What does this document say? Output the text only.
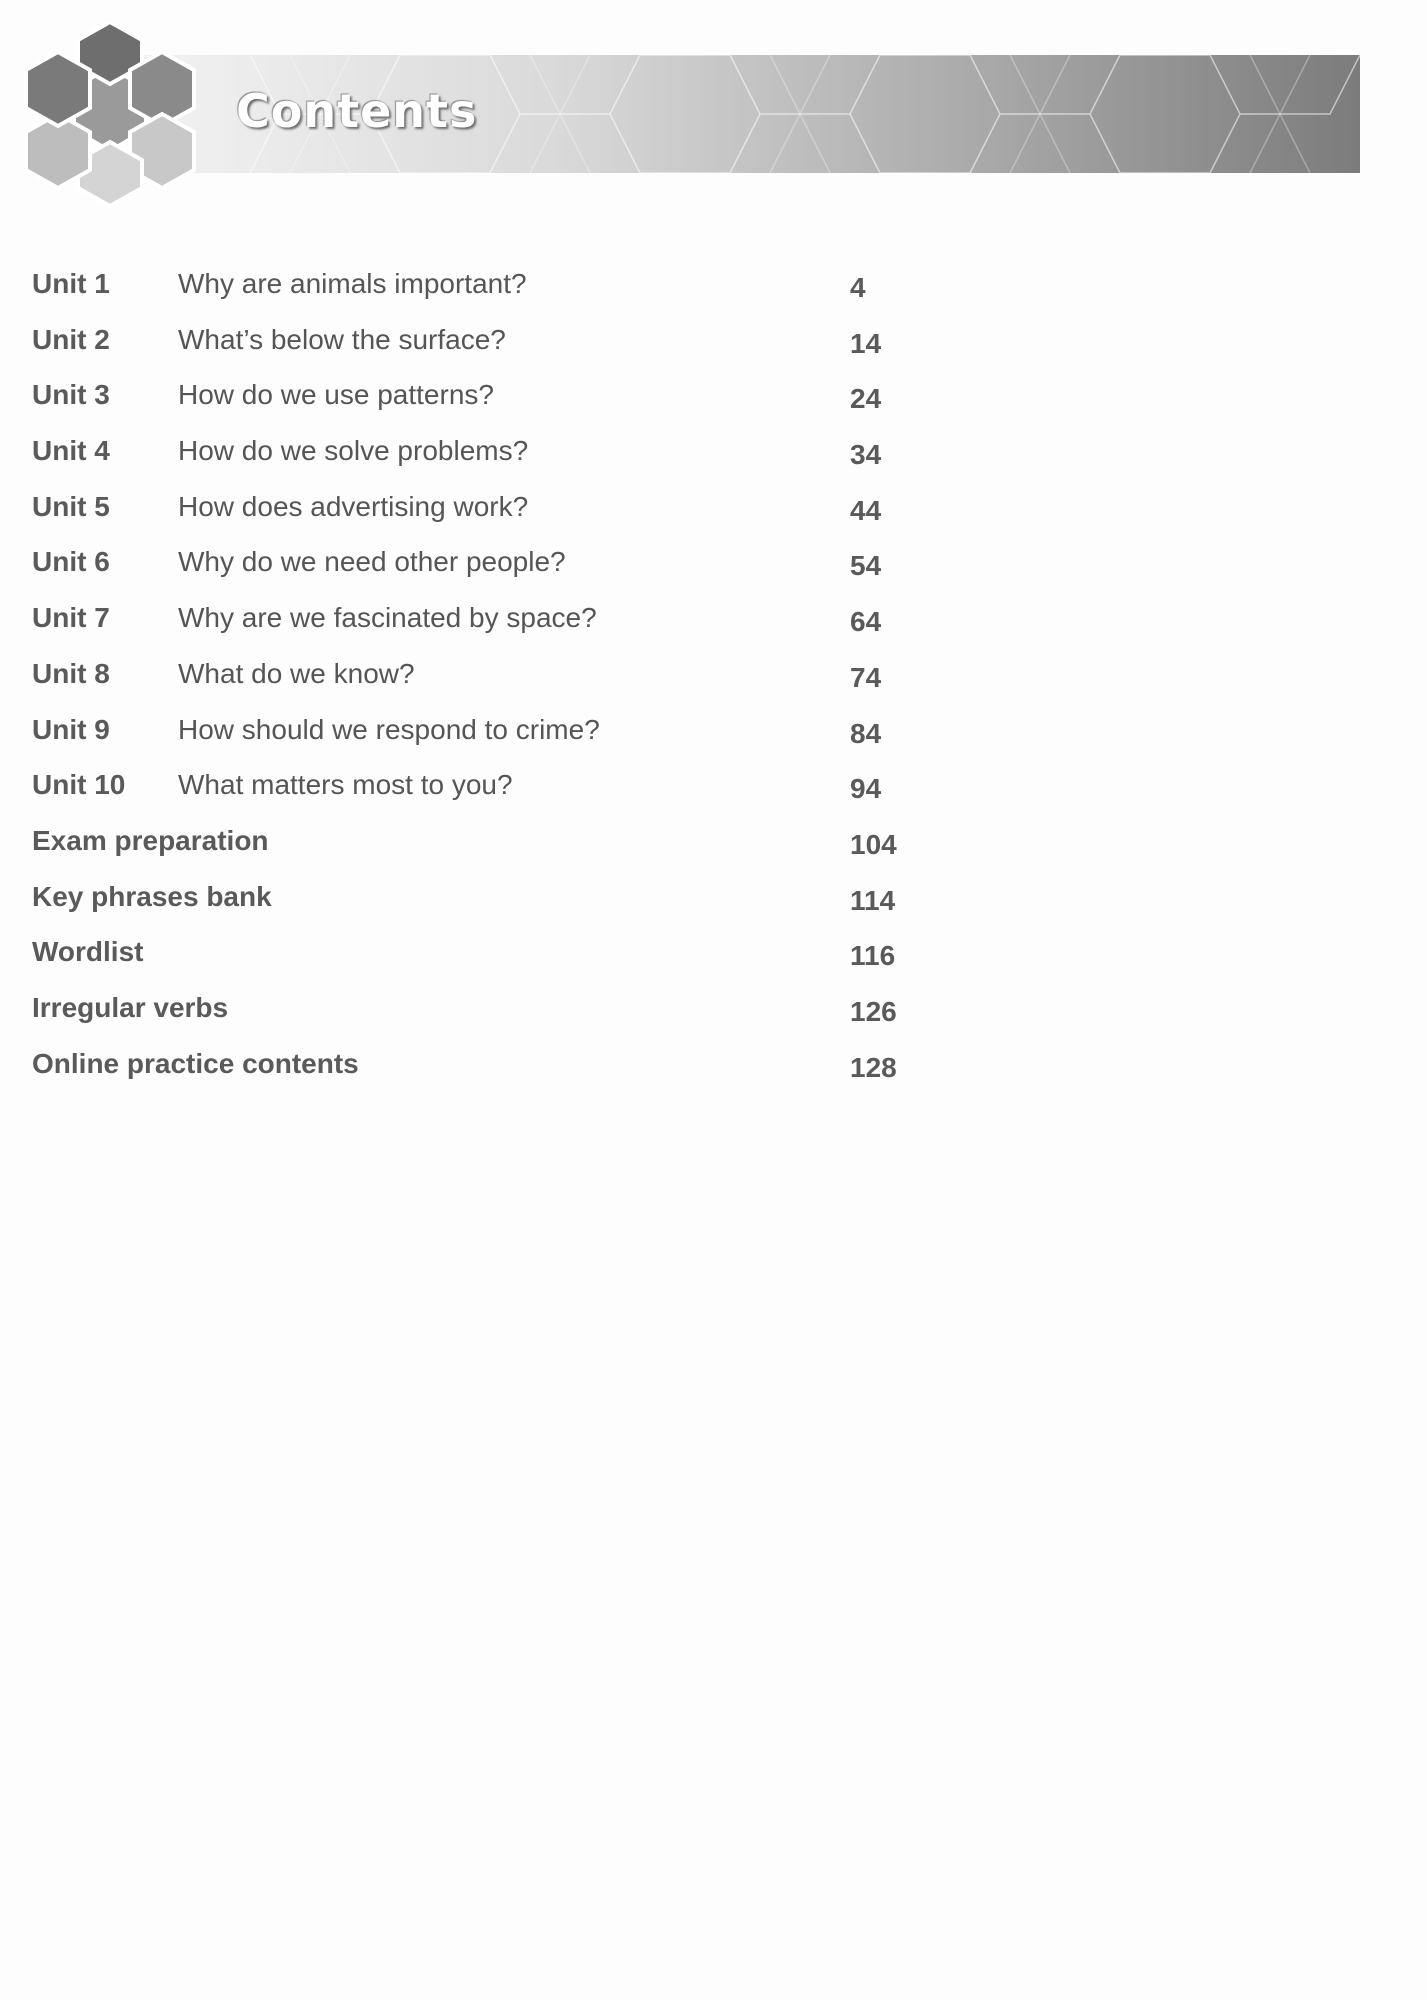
Contents
Unit 1 Why are animals important?	4
Unit 2 What’s below the surface?	14
Unit 3 How do we use patterns?	24
Unit 4 How do we solve problems?	34
Unit 5 How does advertising work?	44
Unit 6 Why do we need other people?	54
Unit 7 Why are we fascinated by space?	64
Unit 8 What do we know?	74
Unit 9 How should we respond to crime?	84
Unit 10 What matters most to you?	94
Exam preparation	104
Key phrases bank	114
Wordlist	116
Irregular verbs	126
Online practice contents	128
